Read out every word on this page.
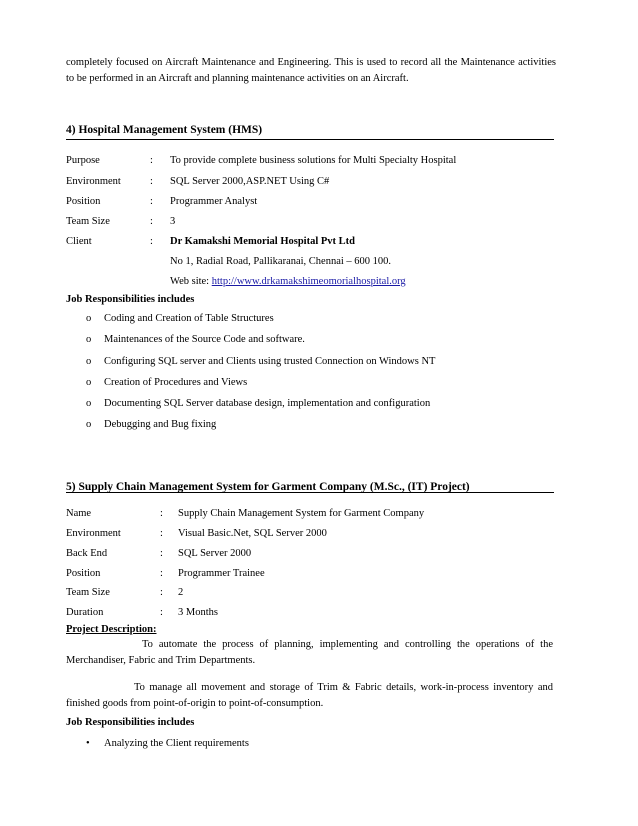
completely focused on Aircraft Maintenance and Engineering. This is used to record all the Maintenance activities to be performed in an Aircraft and planning maintenance activities on an Aircraft.
4) Hospital Management System (HMS)
Purpose	: To provide complete business solutions for Multi Specialty Hospital
Environment	: SQL Server 2000,ASP.NET Using C#
Position	: Programmer Analyst
Team Size	: 3
Client	: Dr Kamakshi Memorial Hospital Pvt Ltd
No 1, Radial Road, Pallikaranai, Chennai – 600 100.
Web site: http://www.drkamakshimeomorialhospital.org
Job Responsibilities includes
o Coding and Creation of Table Structures
o Maintenances of the Source Code and software.
o Configuring SQL server and Clients using trusted Connection on Windows NT
o Creation of Procedures and Views
o Documenting SQL Server database design, implementation and configuration
o Debugging and Bug fixing
5) Supply Chain Management System for Garment Company (M.Sc., (IT) Project)
Name	: Supply Chain Management System for Garment Company
Environment	: Visual Basic.Net, SQL Server 2000
Back End	: SQL Server 2000
Position	: Programmer Trainee
Team Size	: 2
Duration	: 3 Months
Project Description:
To automate the process of planning, implementing and controlling the operations of the Merchandiser, Fabric and Trim Departments.
To manage all movement and storage of Trim & Fabric details, work-in-process inventory and finished goods from point-of-origin to point-of-consumption.
Job Responsibilities includes
• Analyzing the Client requirements
